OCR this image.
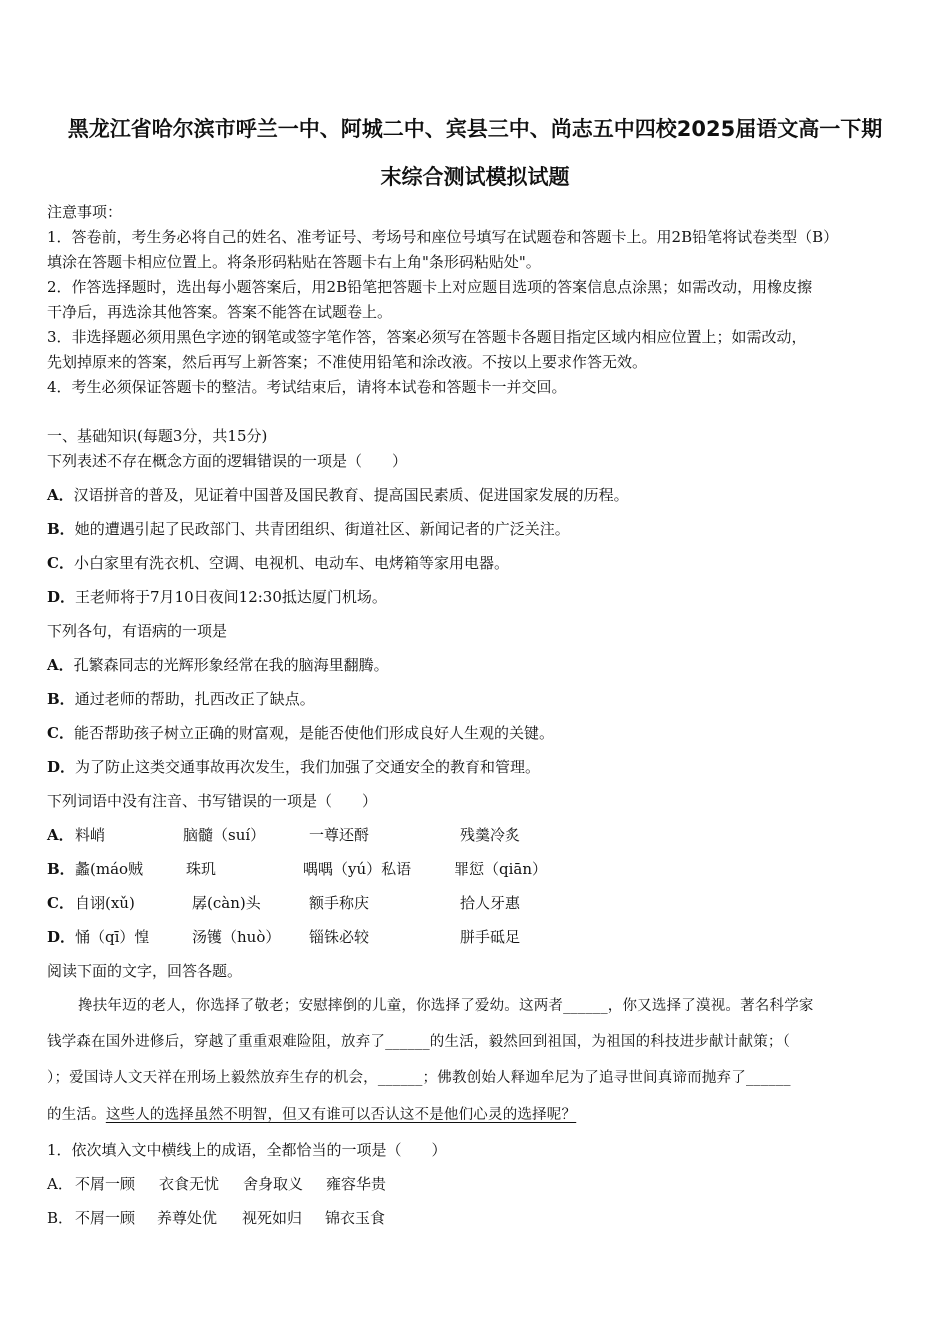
黑龙江省哈尔滨市呼兰一中、阿城二中、宾县三中、尚志五中四校2025届语文高一下期
末综合测试模拟试题
注意事项：
1．答卷前，考生务必将自己的姓名、准考证号、考场号和座位号填写在试题卷和答题卡上。用2B铅笔将试卷类型（B）
填涂在答题卡相应位置上。将条形码粘贴在答题卡右上角"条形码粘贴处"。
2．作答选择题时，选出每小题答案后，用2B铅笔把答题卡上对应题目选项的答案信息点涂黑；如需改动，用橡皮擦
干净后，再选涂其他答案。答案不能答在试题卷上。
3．非选择题必须用黑色字迹的钢笔或签字笔作答，答案必须写在答题卡各题目指定区域内相应位置上；如需改动，
先划掉原来的答案，然后再写上新答案；不准使用铅笔和涂改液。不按以上要求作答无效。
4．考生必须保证答题卡的整洁。考试结束后，请将本试卷和答题卡一并交回。
一、基础知识(每题3分，共15分)
下列表述不存在概念方面的逻辑错误的一项是（　　）
A．汉语拼音的普及，见证着中国普及国民教育、提高国民素质、促进国家发展的历程。
B．她的遭遇引起了民政部门、共青团组织、街道社区、新闻记者的广泛关注。
C．小白家里有洗衣机、空调、电视机、电动车、电烤箱等家用电器。
D．王老师将于7月10日夜间12:30抵达厦门机场。
下列各句，有语病的一项是
A．孔繁森同志的光辉形象经常在我的脑海里翻腾。
B．通过老师的帮助，扎西改正了缺点。
C．能否帮助孩子树立正确的财富观，是能否使他们形成良好人生观的关键。
D．为了防止这类交通事故再次发生，我们加强了交通安全的教育和管理。
下列词语中没有注音、书写错误的一项是（　　）
A． 料峭	脑髓（suí）	一尊还酹	残羹冷炙
B． 蠡(máo贼	珠玑	喁喁（yú）私语	罪愆（qiān）
C． 自诩(xǔ)	孱(càn)头	额手称庆	拾人牙惠
D． 悀（qī）惶	汤镬（huò） 锱铢必较	胼手砥足
阅读下面的文字，回答各题。
搀扶年迈的老人，你选择了敬老；安慰摔倒的儿童，你选择了爱幼。这两者______，你又选择了漠视。著名科学家
钱学森在国外进修后，穿越了重重艰难险阻，放弃了______的生活，毅然回到祖国，为祖国的科技进步献计献策；（
）；爱国诗人文天祥在刑场上毅然放弃生存的机会，______；佛教创始人释迦牟尼为了追寻世间真谛而抛弃了______
的生活。这些人的选择虽然不明智，但又有谁可以否认这不是他们心灵的选择呢？
1．依次填入文中横线上的成语，全都恰当的一项是（　　）
A． 不屑一顾 衣食无忧 舍身取义 雍容华贵
B． 不屑一顾 养尊处优 视死如归 锦衣玉食
